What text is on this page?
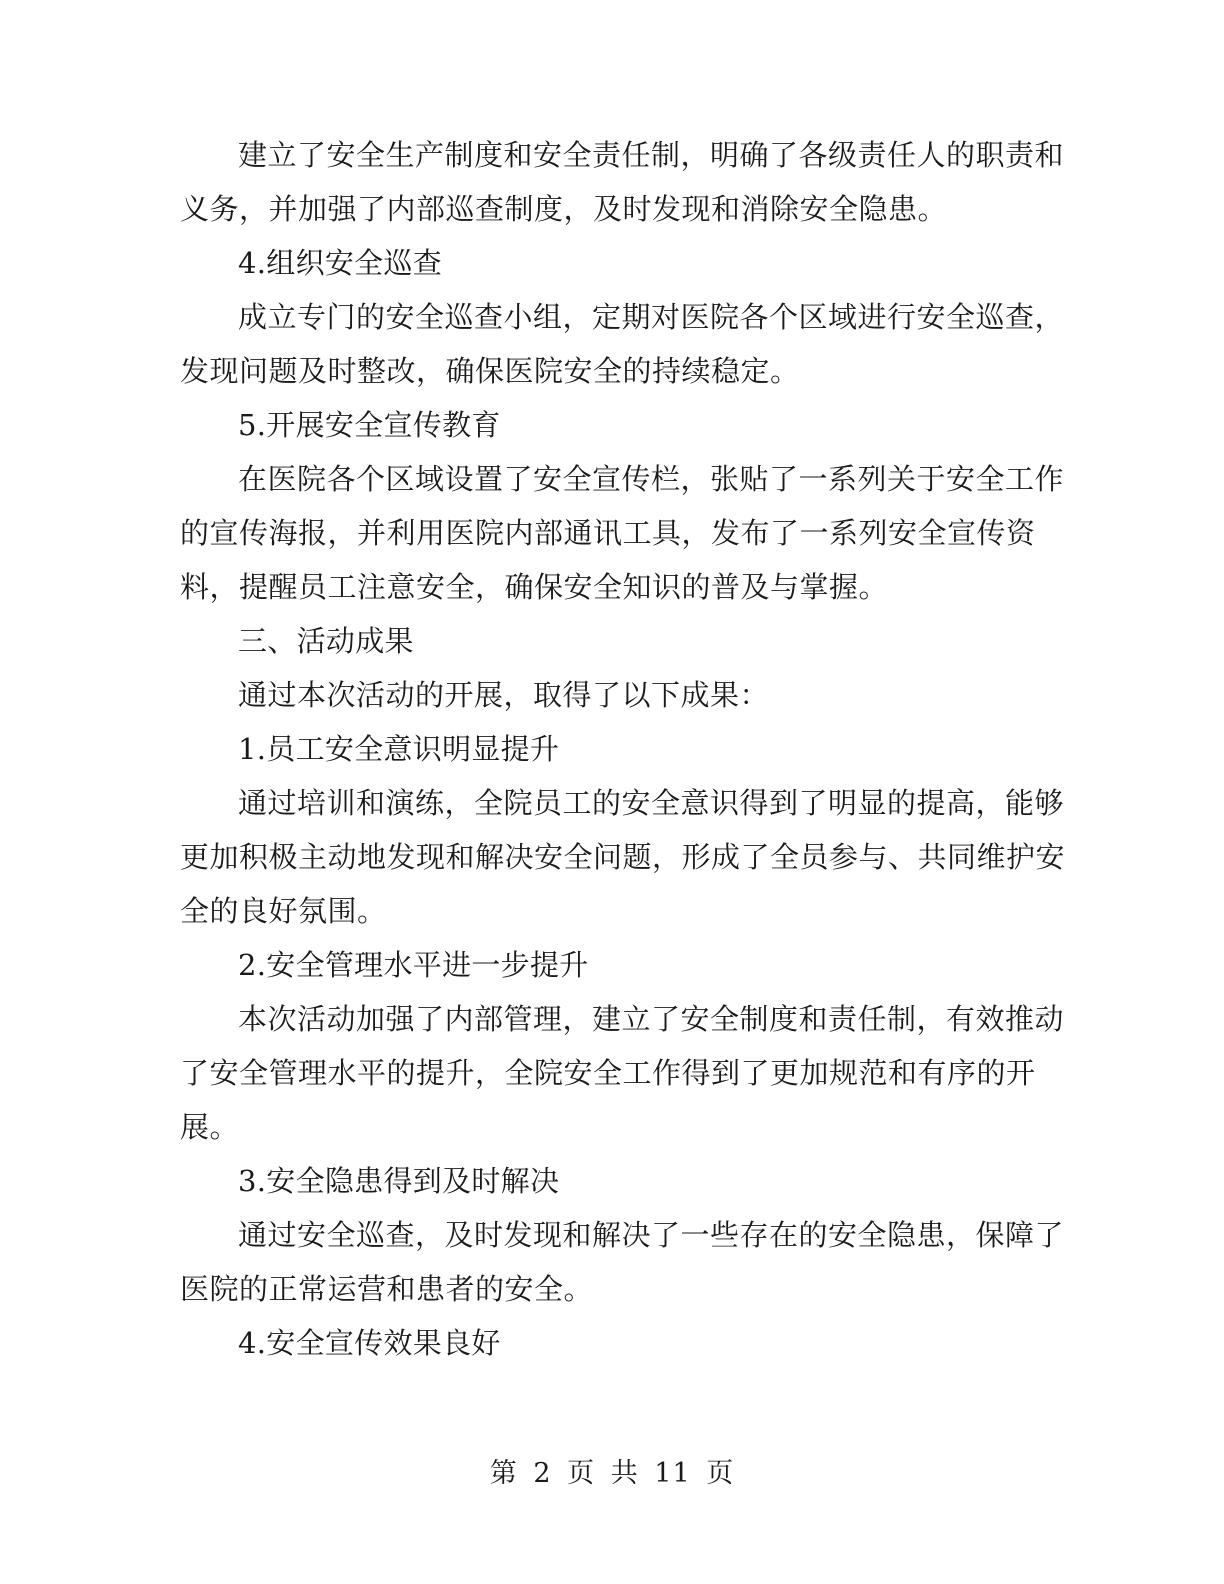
建立了安全生产制度和安全责任制，明确了各级责任人的职责和
义务，并加强了内部巡查制度，及时发现和消除安全隐患。
4.组织安全巡查
成立专门的安全巡查小组，定期对医院各个区域进行安全巡查，
发现问题及时整改，确保医院安全的持续稳定。
5.开展安全宣传教育
在医院各个区域设置了安全宣传栏，张贴了一系列关于安全工作
的宣传海报，并利用医院内部通讯工具，发布了一系列安全宣传资
料，提醒员工注意安全，确保安全知识的普及与掌握。
三、活动成果
通过本次活动的开展，取得了以下成果：
1.员工安全意识明显提升
通过培训和演练，全院员工的安全意识得到了明显的提高，能够
更加积极主动地发现和解决安全问题，形成了全员参与、共同维护安
全的良好氛围。
2.安全管理水平进一步提升
本次活动加强了内部管理，建立了安全制度和责任制，有效推动
了安全管理水平的提升，全院安全工作得到了更加规范和有序的开
展。
3.安全隐患得到及时解决
通过安全巡查，及时发现和解决了一些存在的安全隐患，保障了
医院的正常运营和患者的安全。
4.安全宣传效果良好
第 2 页 共 11 页
